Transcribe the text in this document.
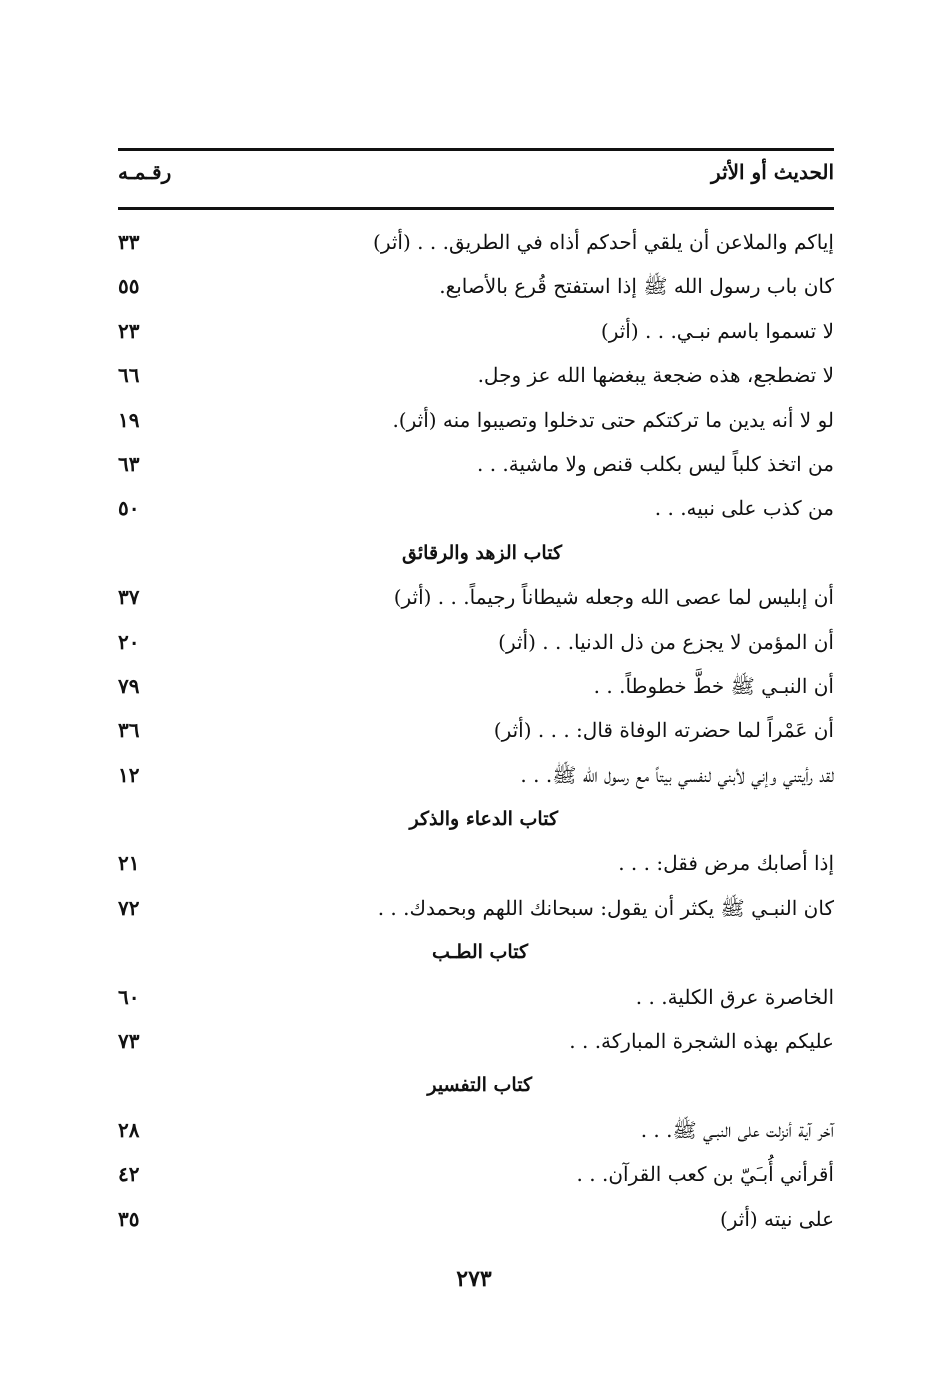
الحديث أو الأثر
رقـمـه
إياكم والملاعن أن يلقي أحدكم أذاه في الطريق. . . (أثر)
٣٣
كان باب رسول الله ﷺ إذا استفتح قُرع بالأصابع.
٥٥
لا تسموا باسم نبـي. . . (أثر)
٢٣
لا تضطجع، هذه ضجعة يبغضها الله عز وجل.
٦٦
لو لا أنه يدين ما تركتكم حتى تدخلوا وتصيبوا منه (أثر).
١٩
من اتخذ كلباً ليس بكلب قنص ولا ماشية. . .
٦٣
من كذب على نبيه. . .
٥٠
كتاب الزهد والرقائق
أن إبليس لما عصى الله وجعله شيطاناً رجيماً. . . (أثر)
٣٧
أن المؤمن لا يجزع من ذل الدنيا. . . (أثر)
٢٠
أن النبـي ﷺ خطَّ خطوطاً. . .
٧٩
أن عَمْراً لما حضرته الوفاة قال: . . . (أثر)
٣٦
لقد رأيتني وإني لأبني لنفسي بيتاً مع رسول الله ﷺ. . .
١٢
كتاب الدعاء والذكر
إذا أصابك مرض فقل: . . .
٢١
كان النبـي ﷺ يكثر أن يقول: سبحانك اللهم وبحمدك. . .
٧٢
كتاب الطـب
الخاصرة عرق الكلية. . .
٦٠
عليكم بهذه الشجرة المباركة. . .
٧٣
كتاب التفسير
آخر آية أنزلت على النبـي ﷺ. . .
٢٨
أقرأني أُبـَيّ بن كعب القرآن. . .
٤٢
على نيته (أثر)
٣٥
٢٧٣
